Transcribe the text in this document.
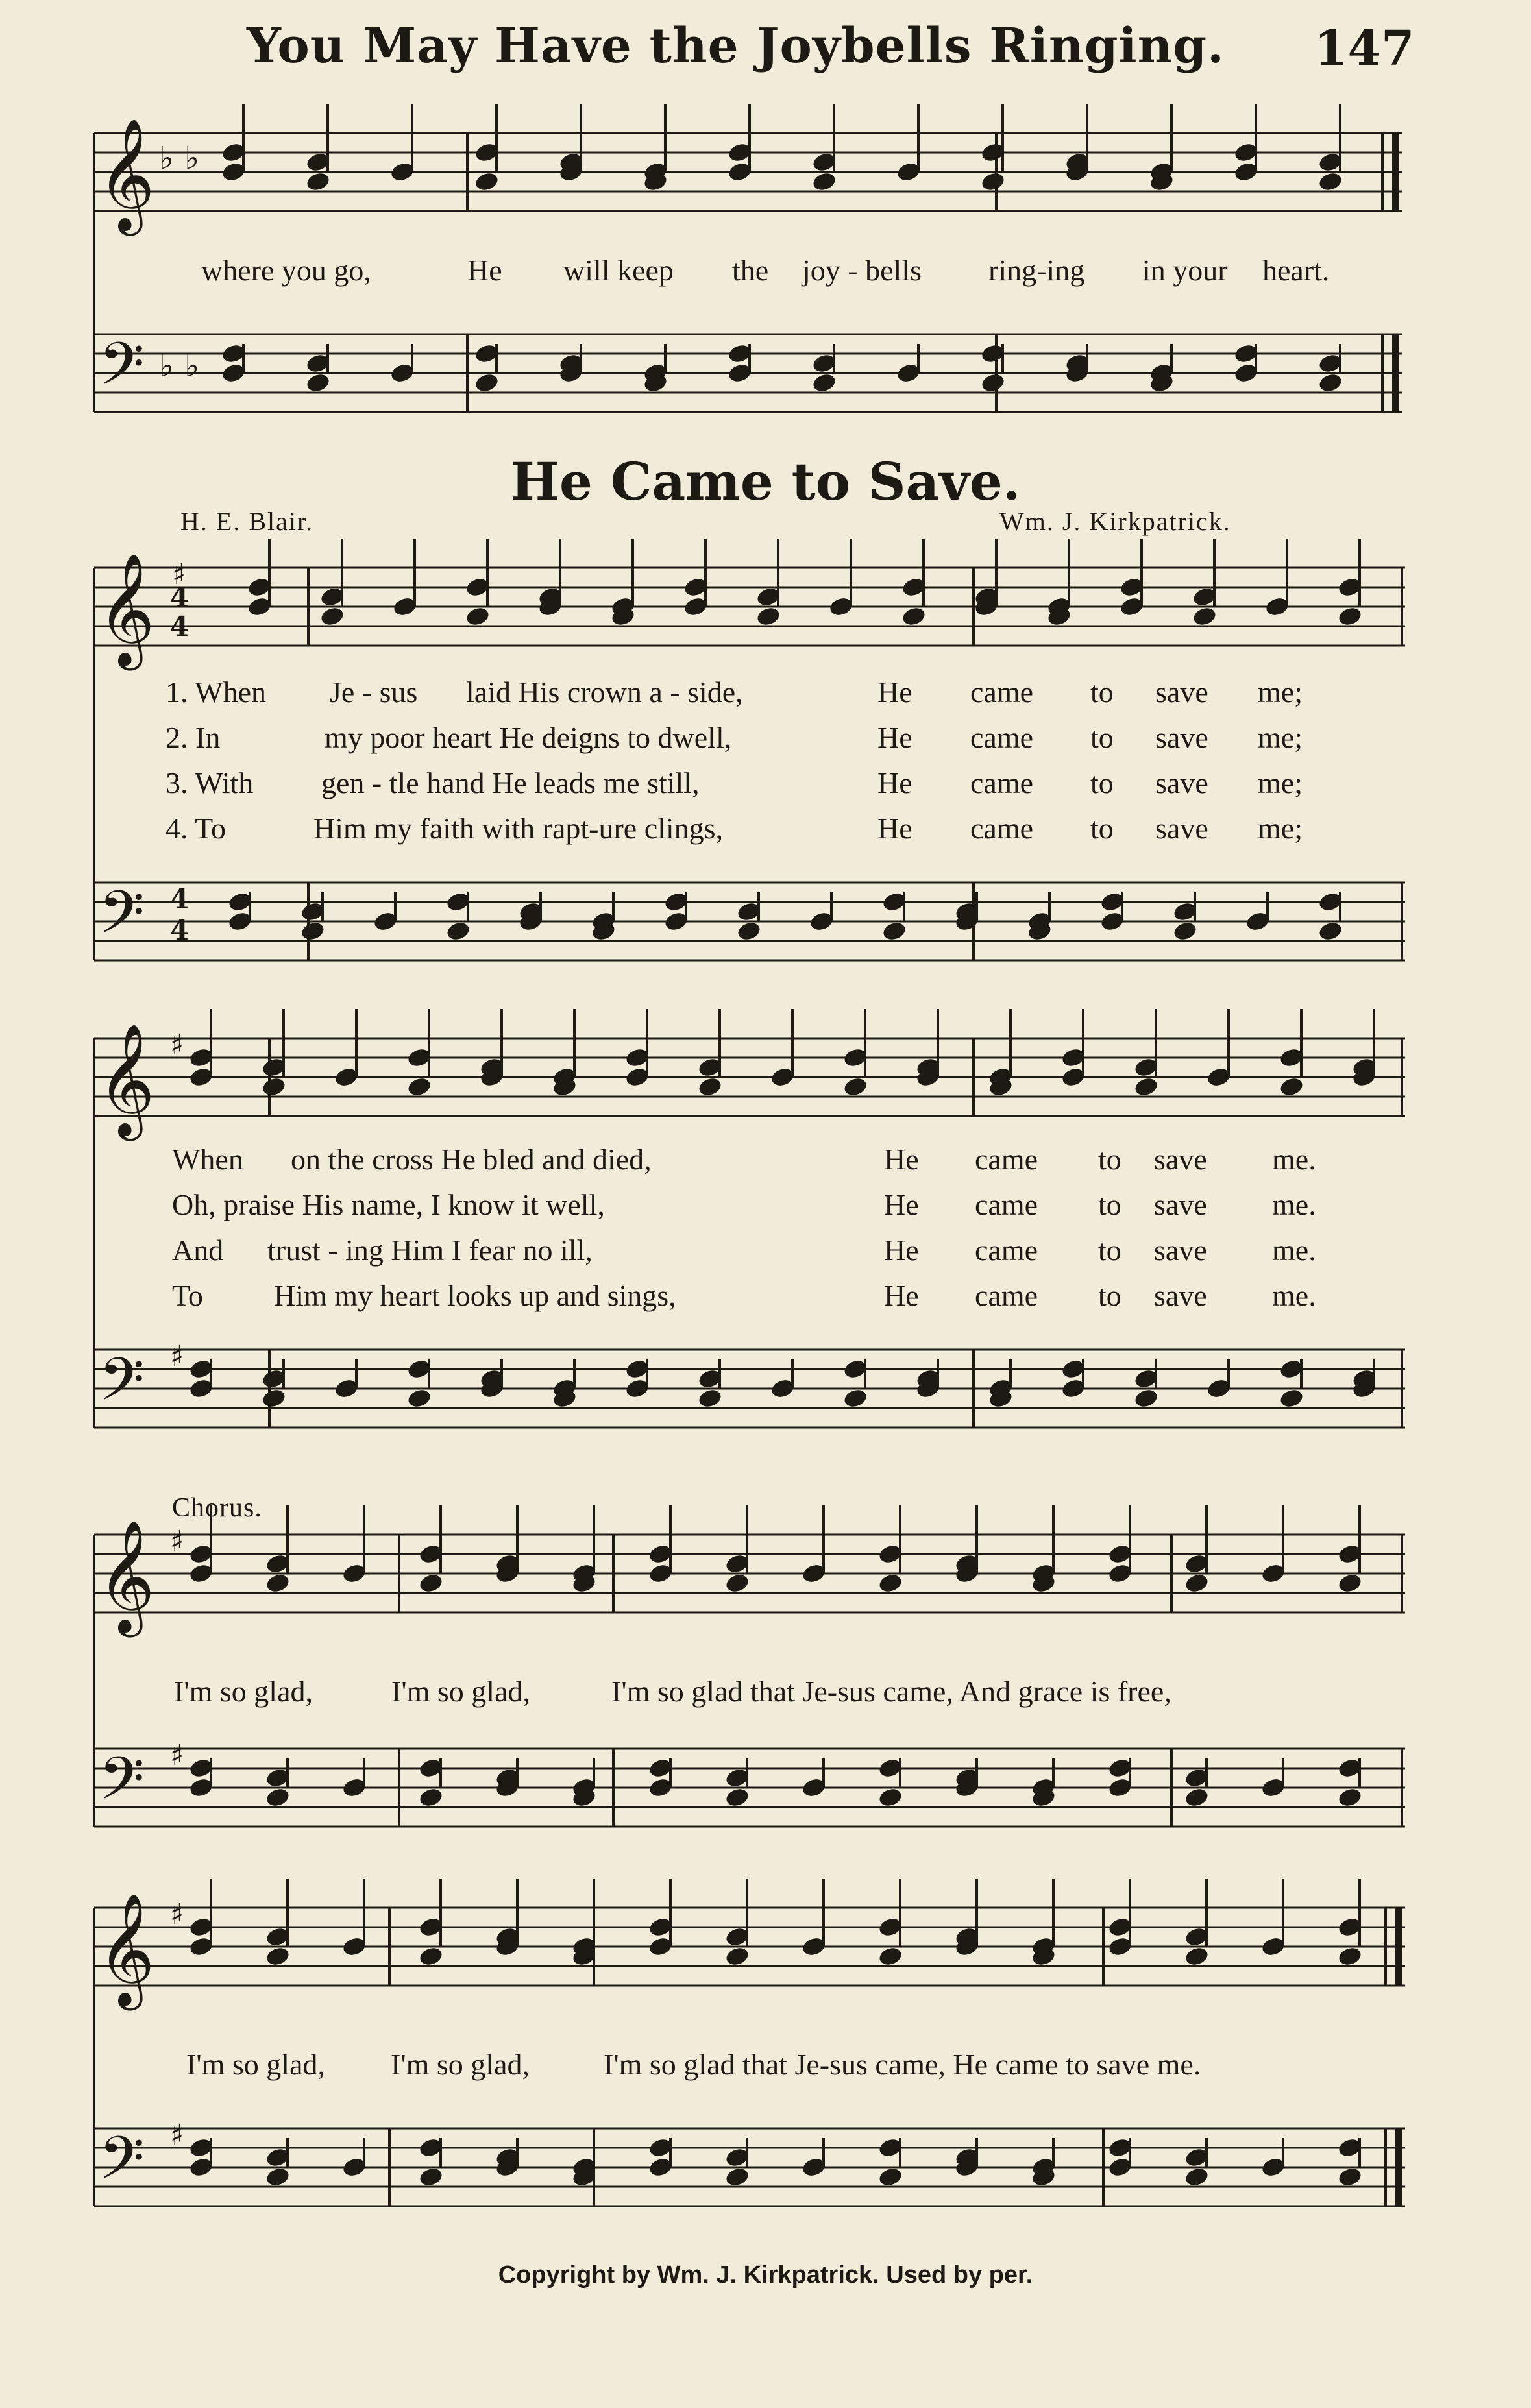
You May Have the Joybells Ringing. 147
𝄞 ♭ ♭
𝄢 ♭ ♭
𝄞 ♯
4
4
𝄢 4
4
𝄞 ♯
𝄢 ♯
𝄞 ♯
𝄢 ♯
𝄞 ♯
𝄢 ♯
where you go,	He will keep the joy - bells ring-ing in your heart.
He Came to Save.
H. E. Blair.	Wm. J. Kirkpatrick.
1. When Je - sus laid His crown a - side,	He came to save me;
2. In	my poor heart He deigns to dwell,	He came to save me;
3. With gen - tle hand He leads me still,	He came to save me;
4. To	Him my faith with rapt-ure clings,	He came to save me;
When on the cross He bled and died,	He came to save me.
Oh, praise His name, I know it well,	He came to save me.
And trust - ing Him I fear no ill,	He came to save me.
To Him my heart looks up and sings,	He came to save me.
Chorus.
I'm so glad,	I'm so glad,	I'm so glad that Je-sus came, And grace is free,
I'm so glad, I'm so glad, I'm so glad that Je-sus came, He came to save me.
Copyright by Wm. J. Kirkpatrick. Used by per.
